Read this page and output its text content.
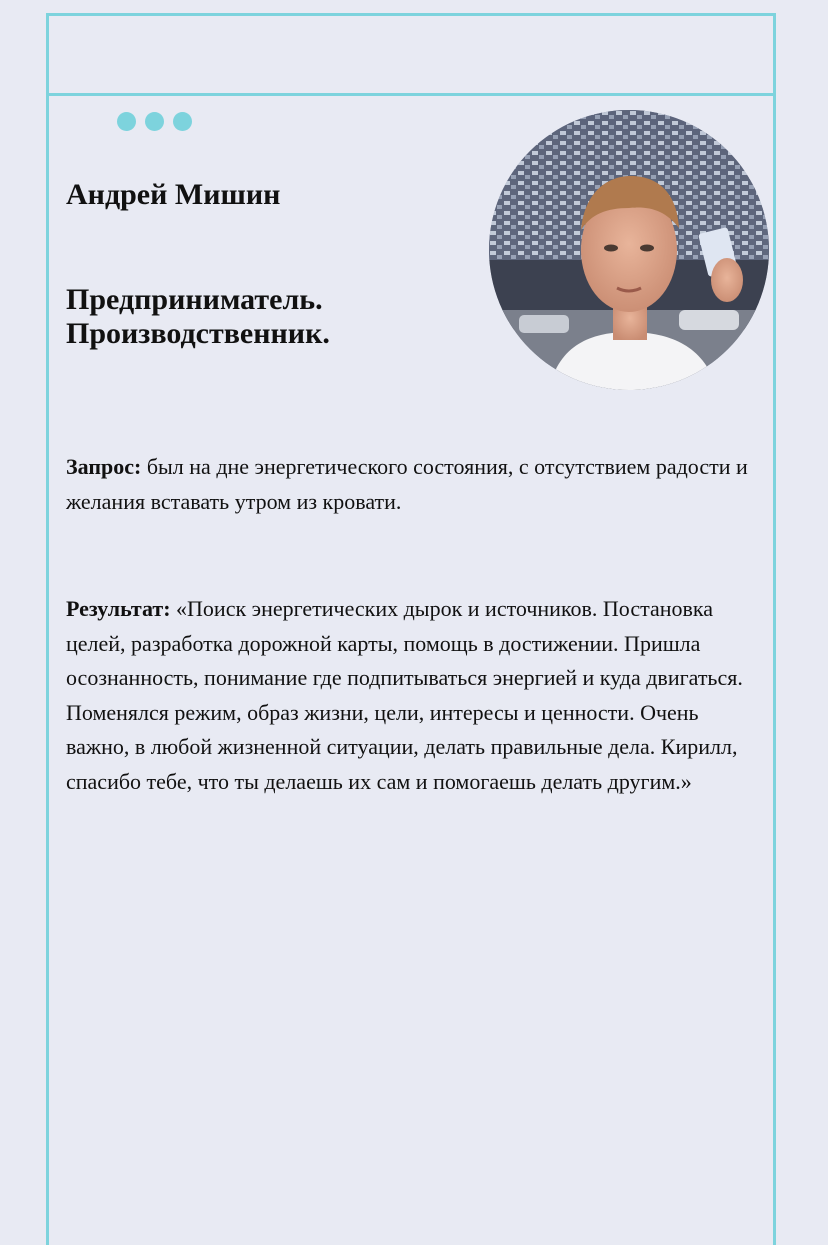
Андрей Мишин
Предприниматель. Производственник.

Запрос: был на дне энергетического состояния, с отсутствием радости и желания вставать утром из кровати.

Результат: «Поиск энергетических дырок и источников. Постановка целей, разработка дорожной карты, помощь в достижении. Пришла осознанность, понимание где подпитываться энергией и куда двигаться. Поменялся режим, образ жизни, цели, интересы и ценности. Очень важно, в любой жизненной ситуации, делать правильные дела. Кирилл, спасибо тебе, что ты делаешь их сам и помогаешь делать другим.»
